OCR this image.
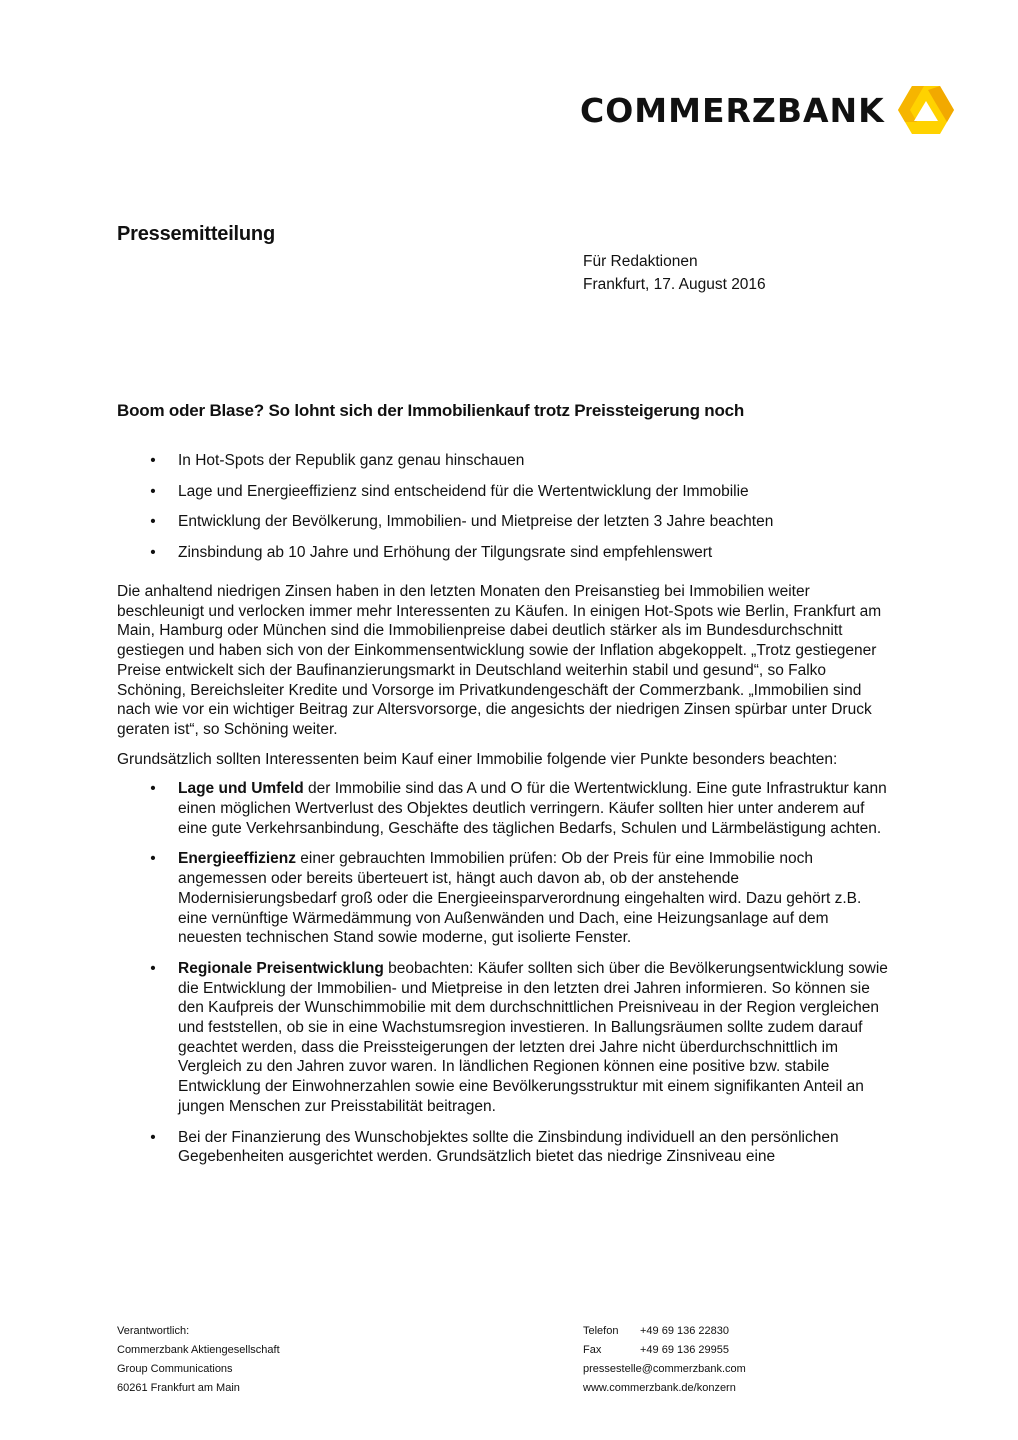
COMMERZBANK
Pressemitteilung
Für Redaktionen
Frankfurt, 17. August 2016
Boom oder Blase? So lohnt sich der Immobilienkauf trotz Preissteigerung noch
• In Hot-Spots der Republik ganz genau hinschauen
• Lage und Energieeffizienz sind entscheidend für die Wertentwicklung der Immobilie
• Entwicklung der Bevölkerung, Immobilien- und Mietpreise der letzten 3 Jahre beachten
• Zinsbindung ab 10 Jahre und Erhöhung der Tilgungsrate sind empfehlenswert

Die anhaltend niedrigen Zinsen haben in den letzten Monaten den Preisanstieg bei Immobilien weiter beschleunigt und verlocken immer mehr Interessenten zu Käufen. In einigen Hot-Spots wie Berlin, Frankfurt am Main, Hamburg oder München sind die Immobilienpreise dabei deutlich stärker als im Bundesdurchschnitt gestiegen und haben sich von der Einkommensentwicklung sowie der Inflation abgekoppelt. „Trotz gestiegener Preise entwickelt sich der Baufinanzierungsmarkt in Deutschland weiterhin stabil und gesund“, so Falko Schöning, Bereichsleiter Kredite und Vorsorge im Privatkundengeschäft der Commerzbank. „Immobilien sind nach wie vor ein wichtiger Beitrag zur Altersvorsorge, die angesichts der niedrigen Zinsen spürbar unter Druck geraten ist“, so Schöning weiter.

Grundsätzlich sollten Interessenten beim Kauf einer Immobilie folgende vier Punkte besonders beachten:

• Lage und Umfeld der Immobilie sind das A und O für die Wertentwicklung. Eine gute Infrastruktur kann einen möglichen Wertverlust des Objektes deutlich verringern. Käufer sollten hier unter anderem auf eine gute Verkehrsanbindung, Geschäfte des täglichen Bedarfs, Schulen und Lärmbelästigung achten.
• Energieeffizienz einer gebrauchten Immobilien prüfen: Ob der Preis für eine Immobilie noch angemessen oder bereits überteuert ist, hängt auch davon ab, ob der anstehende Modernisierungsbedarf groß oder die Energieeinsparverordnung eingehalten wird. Dazu gehört z.B. eine vernünftige Wärmedämmung von Außenwänden und Dach, eine Heizungsanlage auf dem neuesten technischen Stand sowie moderne, gut isolierte Fenster.
• Regionale Preisentwicklung beobachten: Käufer sollten sich über die Bevölkerungsentwicklung sowie die Entwicklung der Immobilien- und Mietpreise in den letzten drei Jahren informieren. So können sie den Kaufpreis der Wunschimmobilie mit dem durchschnittlichen Preisniveau in der Region vergleichen und feststellen, ob sie in eine Wachstumsregion investieren. In Ballungsräumen sollte zudem darauf geachtet werden, dass die Preissteigerungen der letzten drei Jahre nicht überdurchschnittlich im Vergleich zu den Jahren zuvor waren. In ländlichen Regionen können eine positive bzw. stabile Entwicklung der Einwohnerzahlen sowie eine Bevölkerungsstruktur mit einem signifikanten Anteil an jungen Menschen zur Preisstabilität beitragen.
• Bei der Finanzierung des Wunschobjektes sollte die Zinsbindung individuell an den persönlichen Gegebenheiten ausgerichtet werden. Grundsätzlich bietet das niedrige Zinsniveau eine
Verantwortlich:
Commerzbank Aktiengesellschaft
Group Communications
60261 Frankfurt am Main
Telefon	+49 69 136 22830
Fax	+49 69 136 29955
pressestelle@commerzbank.com
www.commerzbank.de/konzern
